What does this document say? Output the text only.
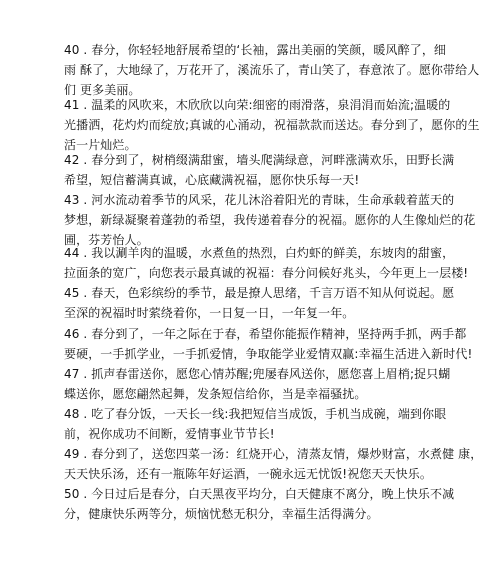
40 . 春分，你轻轻地舒展希望的‘长袖，露出美丽的笑颜，暖风醉了，细
雨 酥了，大地绿了，万花开了，溪流乐了，青山笑了，春意浓了。愿你带给人
们 更多美丽。
41 . 温柔的风吹来，木欣欣以向荣:细密的雨滑落，泉涓涓而始流;温暖的
光播洒，花灼灼而绽放;真诚的心涌动，祝福款款而送达。春分到了，愿你的生
活一片灿烂。
42 . 春分到了，树梢缀满甜蜜，墙头爬满绿意，河畔涨满欢乐，田野长满
希望，短信蓄满真诚，心底藏满祝福，愿你快乐每一天!
43 . 河水流动着季节的风采，花儿沐浴着阳光的青昧，生命承载着蓝天的
梦想，新绿凝聚着蓬勃的希望，我传递着春分的祝福。愿你的人生像灿烂的花
圃，芬芳怡人。
44 . 我以涮羊肉的温暖，水煮鱼的热烈，白灼虾的鲜美，东坡肉的甜蜜，
拉面条的宽广，向您表示最真诚的祝福：春分问候好兆头，今年更上一层楼!
45 . 春天，色彩缤纷的季节，最是撩人思绪，千言万语不知从何说起。愿
至深的祝福时时萦绕着你，一日复一日，一年复一年。
46 . 春分到了，一年之际在于春，希望你能振作精神，坚持两手抓，两手都
要硬，一手抓学业，一手抓爱情，争取能学业爱情双赢:幸福生活进入新时代!
47 . 抓声春雷送你，愿您心情苏醒;兜屡春风送你，愿您喜上眉梢;捉只蝴
蝶送你，愿您翩然起舞，发条短信给你，当是幸福骚扰。
48 . 吃了春分饭，一天长一线:我把短信当成饭，手机当成碗，端到你眼
前，祝你成功不间断，爱情事业节节长!
49 . 春分到了，送您四菜一汤：红烧开心，清蒸友情，爆炒财富，水煮健 康，
天天快乐汤，还有一瓶陈年好运酒，一碗永远无忧饭!祝您天天快乐。
50 . 今日过后是春分，白天黑夜平均分，白天健康不离分，晚上快乐不减
分，健康快乐两等分，烦恼忧愁无积分，幸福生活得满分。
